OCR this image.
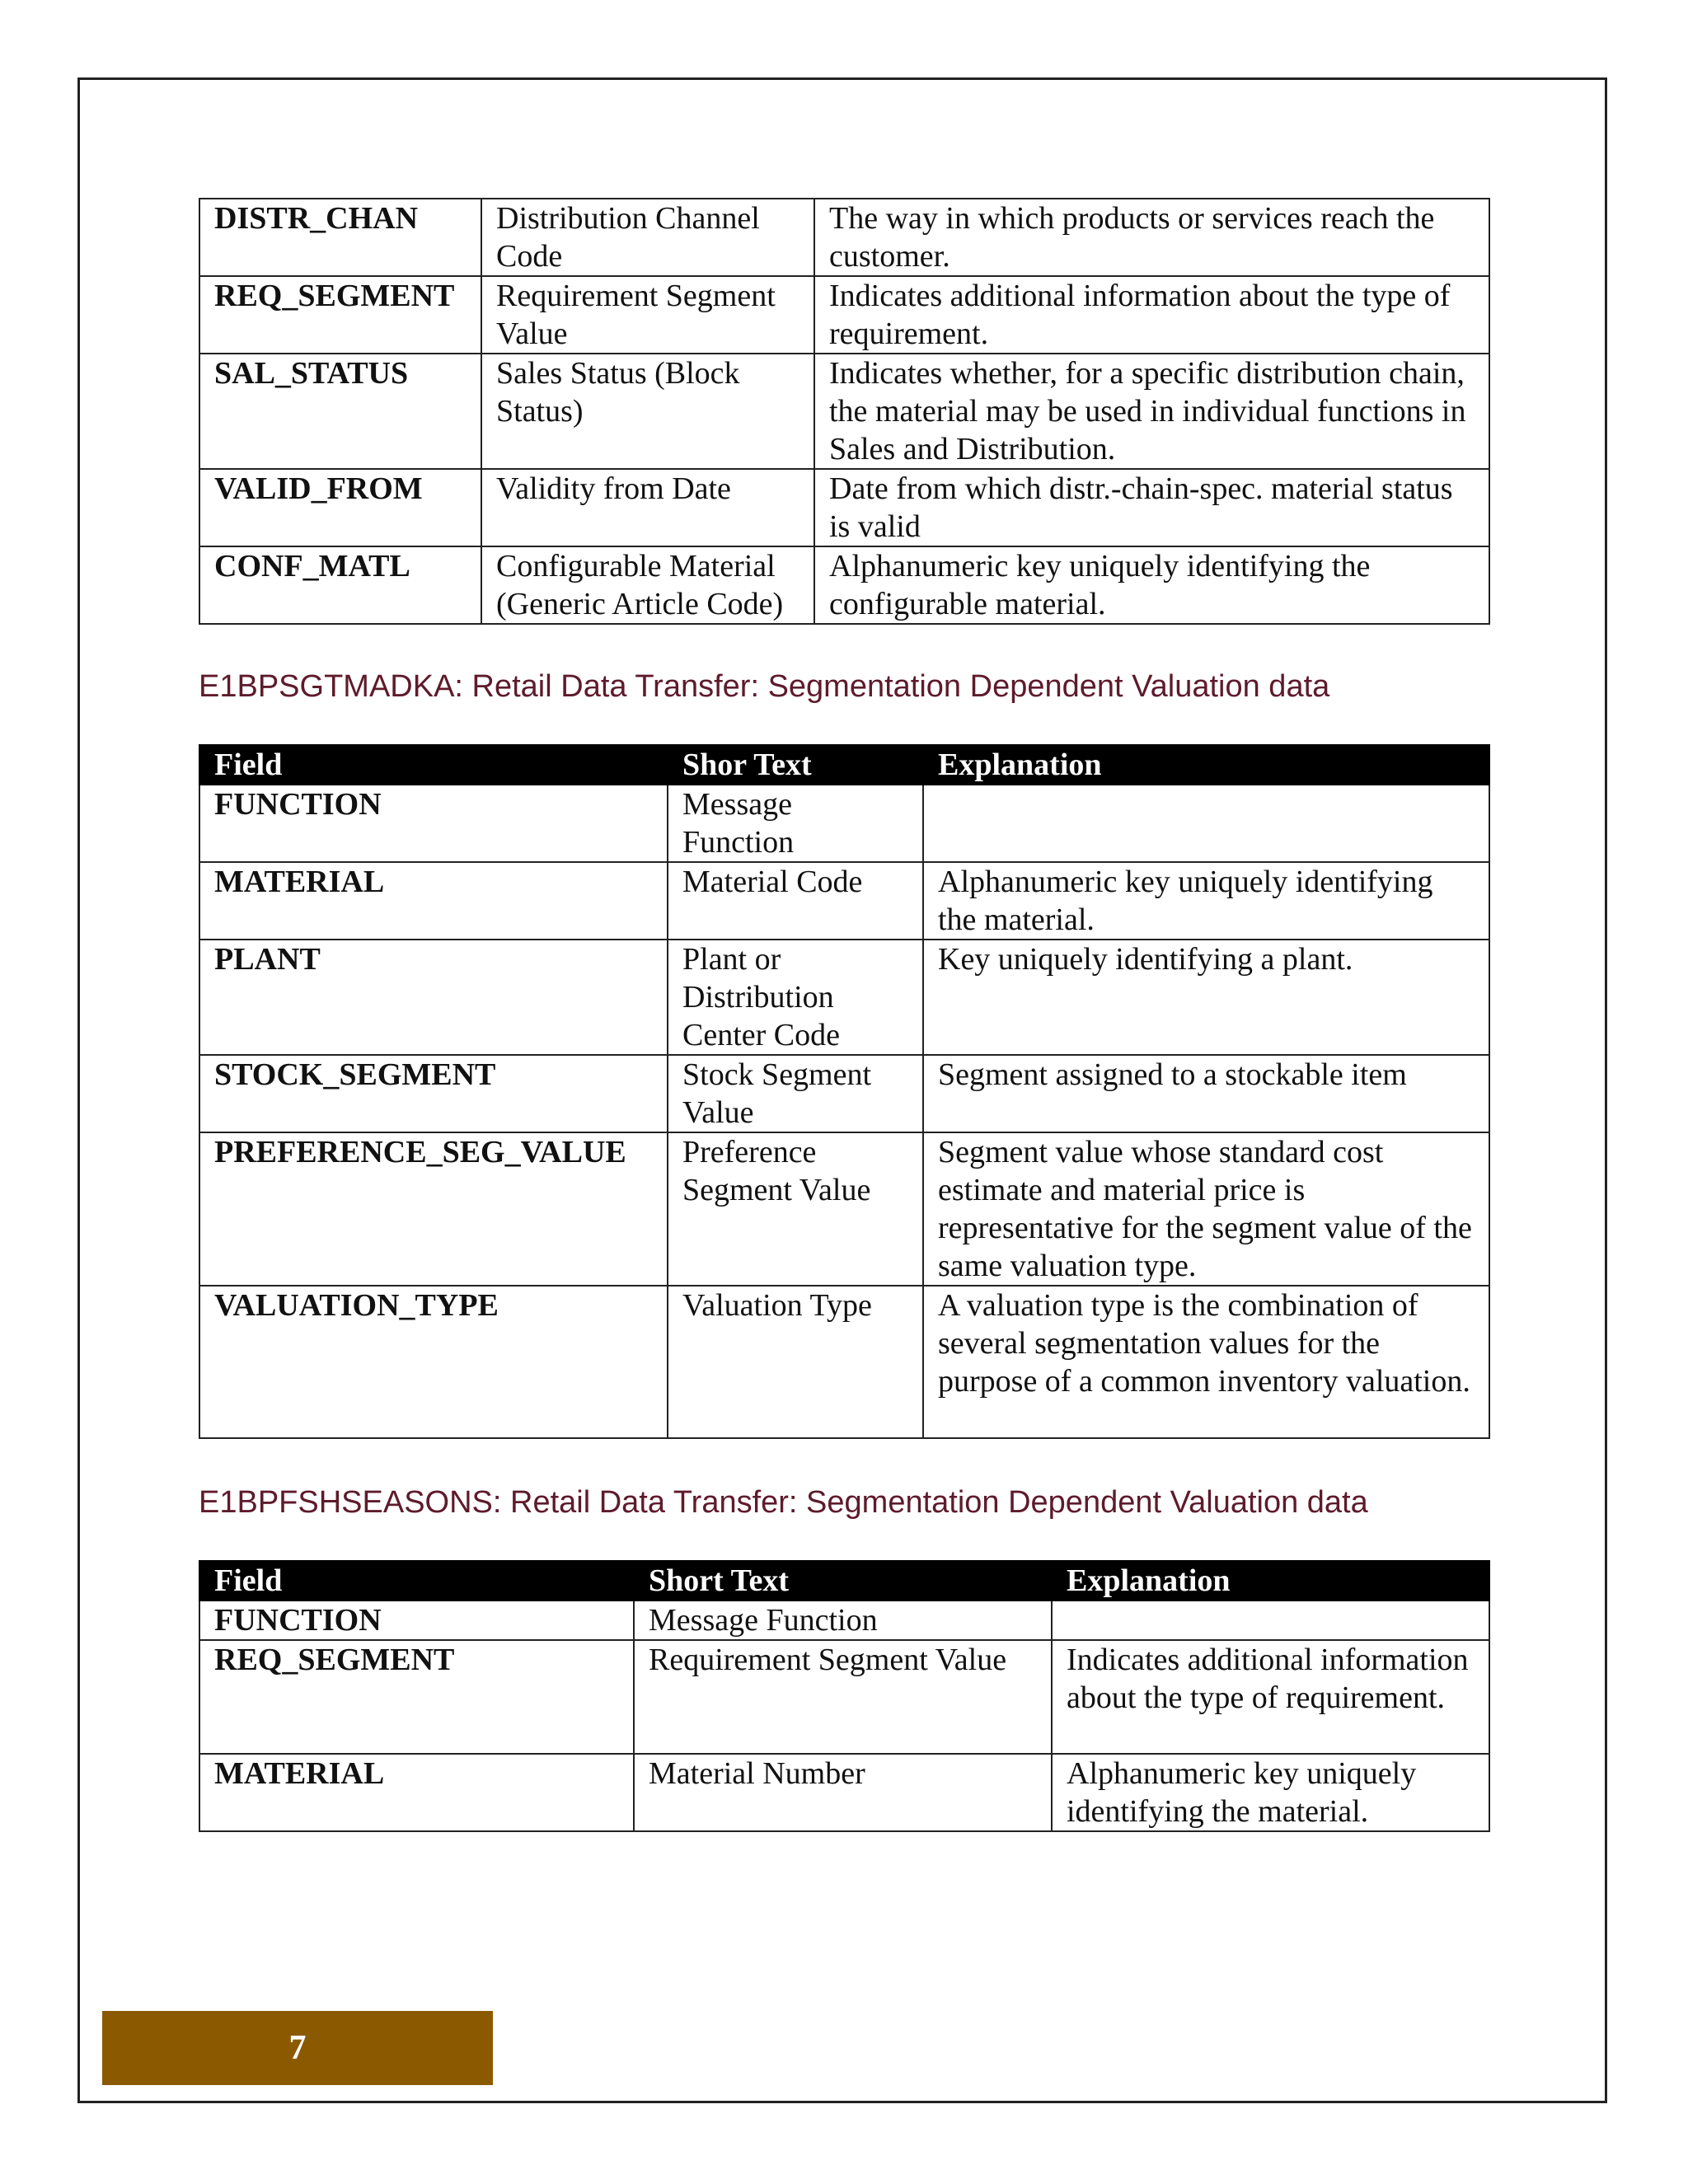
DISTR_CHAN	Distribution Channel Code	The way in which products or services reach the customer.
REQ_SEGMENT	Requirement Segment Value	Indicates additional information about the type of requirement.
SAL_STATUS	Sales Status (Block Status)	Indicates whether, for a specific distribution chain, the material may be used in individual functions in Sales and Distribution.
VALID_FROM	Validity from Date	Date from which distr.-chain-spec. material status is valid
CONF_MATL	Configurable Material (Generic Article Code)	Alphanumeric key uniquely identifying the configurable material.
E1BPSGTMADKA: Retail Data Transfer: Segmentation Dependent Valuation data
Field	Shor Text	Explanation
FUNCTION	Message Function	
MATERIAL	Material Code	Alphanumeric key uniquely identifying the material.
PLANT	Plant or Distribution Center Code	Key uniquely identifying a plant.
STOCK_SEGMENT	Stock Segment Value	Segment assigned to a stockable item
PREFERENCE_SEG_VALUE	Preference Segment Value	Segment value whose standard cost estimate and material price is representative for the segment value of the same valuation type.
VALUATION_TYPE	Valuation Type	A valuation type is the combination of several segmentation values for the purpose of a common inventory valuation.
E1BPFSHSEASONS: Retail Data Transfer: Segmentation Dependent Valuation data
Field	Short Text	Explanation
FUNCTION	Message Function	
REQ_SEGMENT	Requirement Segment Value	Indicates additional information about the type of requirement.
MATERIAL	Material Number	Alphanumeric key uniquely identifying the material.
7
